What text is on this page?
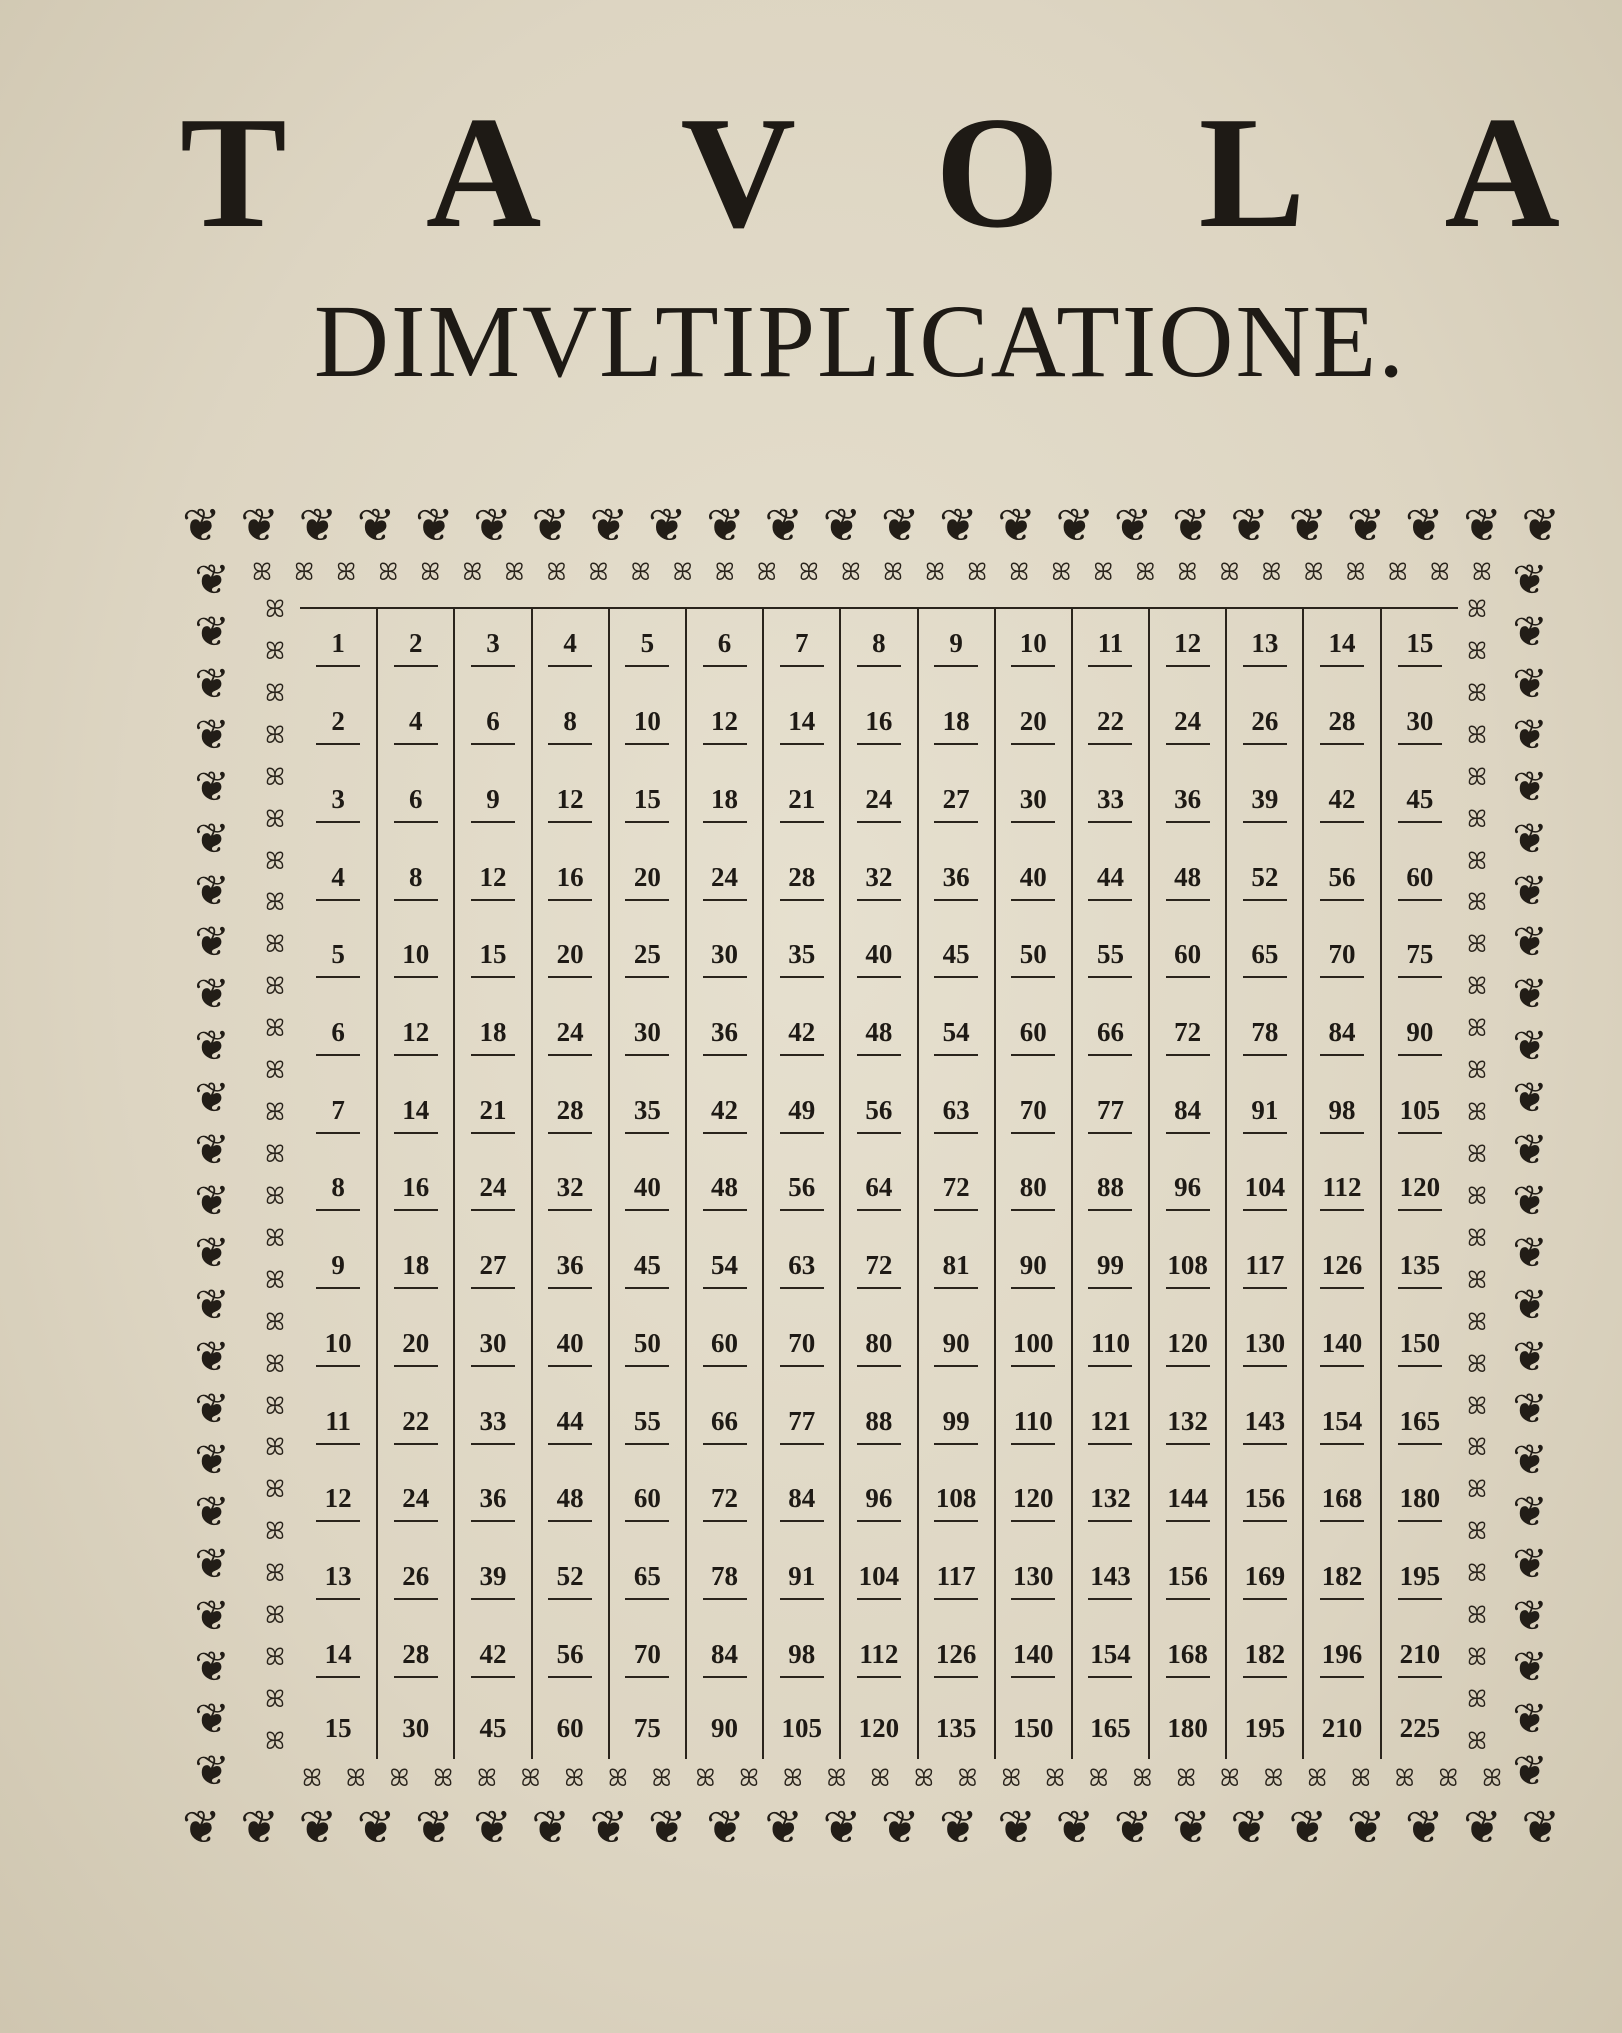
T A V O L A
DIMVLTIPLICATIONE.
❦ ❦ ❦ ❦ ❦ ❦ ❦ ❦ ❦ ❦ ❦ ❦ ❦ ❦ ❦ ❦ ❦ ❦ ❦ ❦ ❦ ❦ ❦ ❦
❦ ❦ ❦ ❦ ❦ ❦ ❦ ❦ ❦ ❦ ❦ ❦ ❦ ❦ ❦ ❦ ❦ ❦ ❦ ❦ ❦ ❦ ❦ ❦
❦
❦
❦
❦
❦
❦
❦
❦
❦
❦
❦
❦
❦
❦
❦
❦
❦
❦
❦
❦
❦
❦
❦
❦
❦
❦
❦
❦
❦
❦
❦
❦
❦
❦
❦
❦
❦
❦
❦
❦
❦
❦
❦
❦
❦
❦
❦
❦
ꕤ ꕤ ꕤ ꕤ ꕤ ꕤ ꕤ ꕤ ꕤ ꕤ ꕤ ꕤ ꕤ ꕤ ꕤ ꕤ ꕤ ꕤ ꕤ ꕤ ꕤ ꕤ ꕤ ꕤ ꕤ ꕤ ꕤ ꕤ ꕤ ꕤ
ꕤ ꕤ ꕤ ꕤ ꕤ ꕤ ꕤ ꕤ ꕤ ꕤ ꕤ ꕤ ꕤ ꕤ ꕤ ꕤ ꕤ ꕤ ꕤ ꕤ ꕤ ꕤ ꕤ ꕤ ꕤ ꕤ ꕤ ꕤ
ꕤ
ꕤ
ꕤ
ꕤ
ꕤ
ꕤ
ꕤ
ꕤ
ꕤ
ꕤ
ꕤ
ꕤ
ꕤ
ꕤ
ꕤ
ꕤ
ꕤ
ꕤ
ꕤ
ꕤ
ꕤ
ꕤ
ꕤ
ꕤ
ꕤ
ꕤ
ꕤ
ꕤ
ꕤ
ꕤ
ꕤ
ꕤ
ꕤ
ꕤ
ꕤ
ꕤ
ꕤ
ꕤ
ꕤ
ꕤ
ꕤ
ꕤ
ꕤ
ꕤ
ꕤ
ꕤ
ꕤ
ꕤ
ꕤ
ꕤ
ꕤ
ꕤ
ꕤ
ꕤ
ꕤ
ꕤ
1	2	3	4	5	6	7	8	9	10	11	12	13	14	15

2	4	6	8	10	12	14	16	18	20	22	24	26	28	30

3	6	9	12	15	18	21	24	27	30	33	36	39	42	45

4	8	12	16	20	24	28	32	36	40	44	48	52	56	60

5	10	15	20	25	30	35	40	45	50	55	60	65	70	75

6	12	18	24	30	36	42	48	54	60	66	72	78	84	90

7	14	21	28	35	42	49	56	63	70	77	84	91	98	105

8	16	24	32	40	48	56	64	72	80	88	96	104	112	120

9	18	27	36	45	54	63	72	81	90	99	108	117	126	135

10	20	30	40	50	60	70	80	90	100	110	120	130	140	150

11	22	33	44	55	66	77	88	99	110	121	132	143	154	165

12	24	36	48	60	72	84	96	108	120	132	144	156	168	180

13	26	39	52	65	78	91	104	117	130	143	156	169	182	195

14	28	42	56	70	84	98	112	126	140	154	168	182	196	210

15	30	45	60	75	90	105	120	135	150	165	180	195	210	225
